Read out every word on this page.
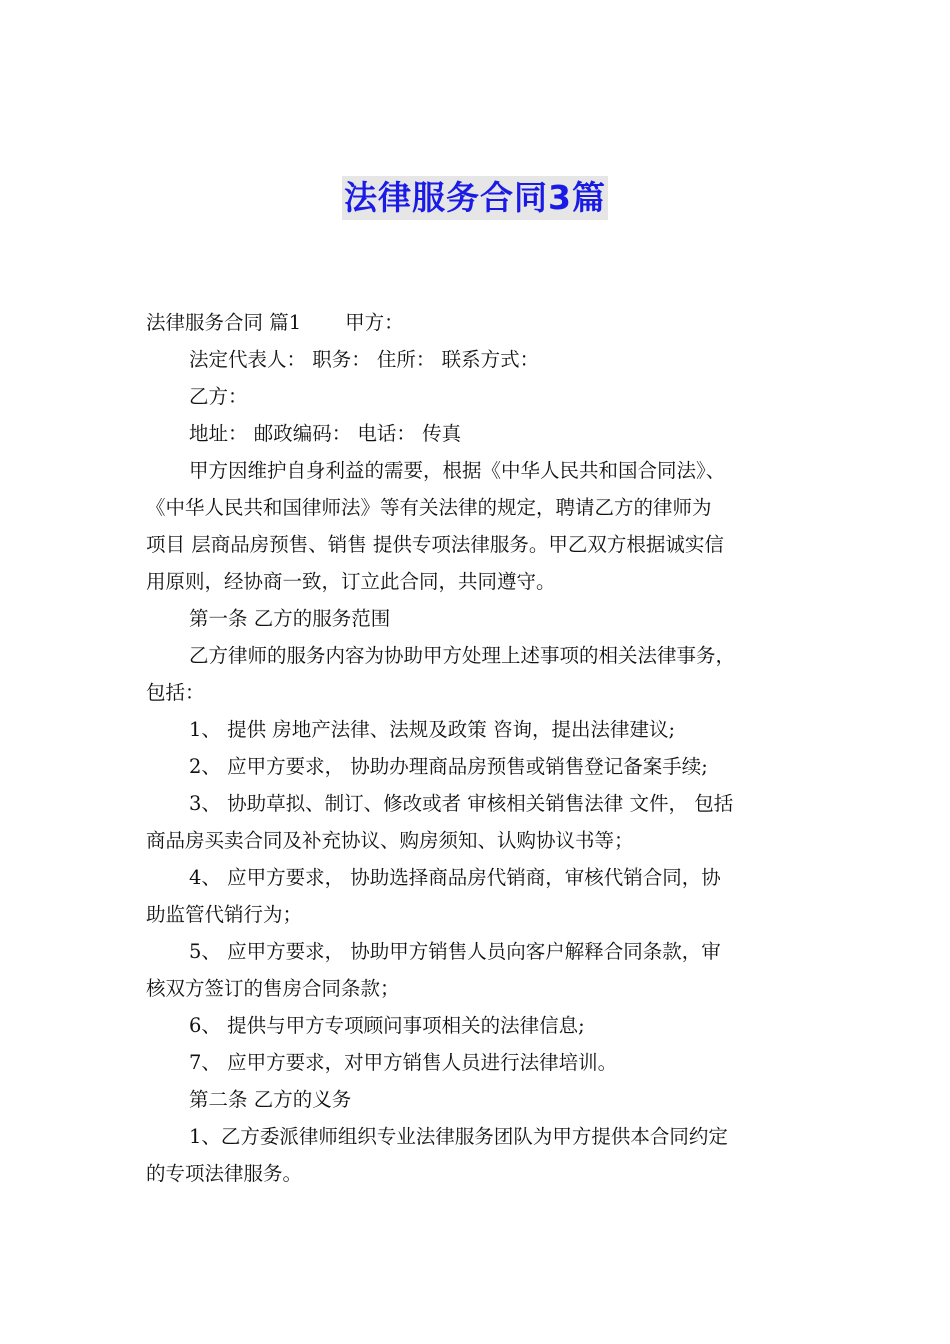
法律服务合同3篇
法律服务合同 篇1 甲方：
法定代表人： 职务： 住所： 联系方式：
乙方：
地址： 邮政编码： 电话： 传真
甲方因维护自身利益的需要，根据《中华人民共和国合同法》、
《中华人民共和国律师法》等有关法律的规定，聘请乙方的律师为
项目 层商品房预售、销售 提供专项法律服务。甲乙双方根据诚实信
用原则，经协商一致，订立此合同，共同遵守。
第一条 乙方的服务范围
乙方律师的服务内容为协助甲方处理上述事项的相关法律事务，
包括：
1、 提供 房地产法律、法规及政策 咨询，提出法律建议;
2、 应甲方要求， 协助办理商品房预售或销售登记备案手续;
3、 协助草拟、制订、修改或者 审核相关销售法律 文件， 包括
商品房买卖合同及补充协议、购房须知、认购协议书等；
4、 应甲方要求， 协助选择商品房代销商，审核代销合同，协
助监管代销行为；
5、 应甲方要求， 协助甲方销售人员向客户解释合同条款，审
核双方签订的售房合同条款；
6、 提供与甲方专项顾问事项相关的法律信息;
7、 应甲方要求，对甲方销售人员进行法律培训。
第二条 乙方的义务
1、乙方委派律师组织专业法律服务团队为甲方提供本合同约定
的专项法律服务。
